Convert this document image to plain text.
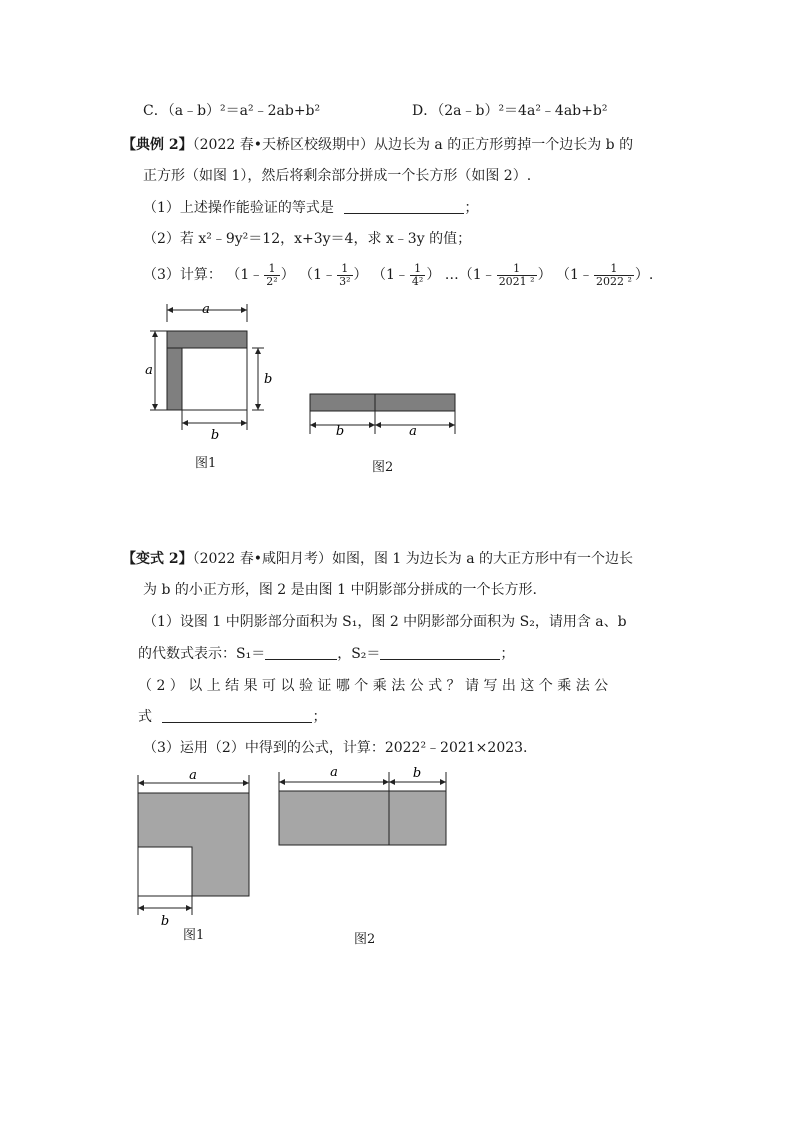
C．（a﹣b）²＝a²﹣2ab+b²	D．（2a﹣b）²＝4a²﹣4ab+b²
【典例 2】（2022 春•天桥区校级期中）从边长为 a 的正方形剪掉一个边长为 b 的
正方形（如图 1），然后将剩余部分拼成一个长方形（如图 2）.
（1）上述操作能验证的等式是	；
（2）若 x²﹣9y²＝12，x+3y＝4，求 x﹣3y 的值；
（3）计算： （1﹣ $\frac{1}{\text{2²}}$ ） （1﹣ $\frac{1}{\text{3²}}$ ） （1﹣ $\frac{1}{\text{4²}}$ ） …（1﹣ $\frac{1}{\text{2021 ²}}$ ） （1﹣ $\frac{1}{\text{2022 ²}}$ ）.
a
a
b
b
图1
b	a
图2
【变式 2】（2022 春•咸阳月考）如图，图 1 为边长为 a 的大正方形中有一个边长
为 b 的小正方形，图 2 是由图 1 中阴影部分拼成的一个长方形.
（1）设图 1 中阴影部分面积为 S₁，图 2 中阴影部分面积为 S₂，请用含 a、b
的代数式表示：S₁＝	，S₂＝	；
（ 2 ） 以 上 结 果 可 以 验 证 哪 个 乘 法 公 式 ？ 请 写 出 这 个 乘 法 公
式	；
（3）运用（2）中得到的公式，计算：2022²﹣2021×2023.
a
b
图1
a	b
图2
